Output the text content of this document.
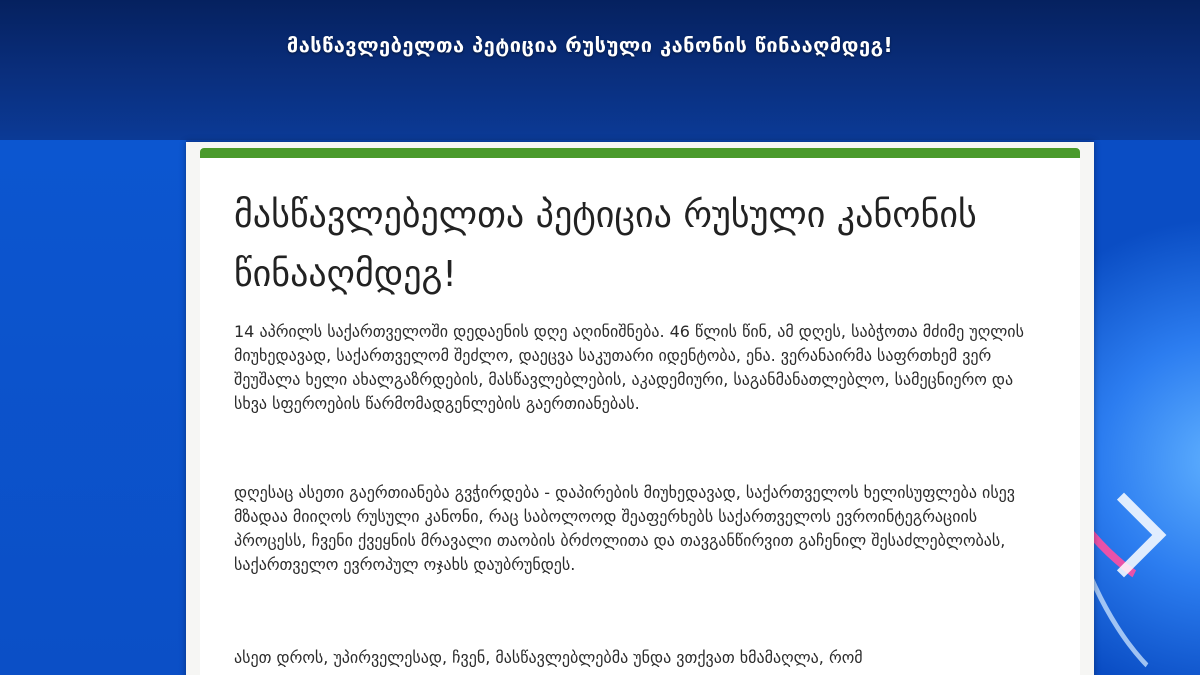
მასწავლებელთა პეტიცია რუსული კანონის წინააღმდეგ!
მასწავლებელთა პეტიცია რუსული კანონის წინააღმდეგ!

14 აპრილს საქართველოში დედაენის დღე აღინიშნება. 46 წლის წინ, ამ დღეს, საბჭოთა მძიმე უღლის მიუხედავად, საქართველომ შეძლო, დაეცვა საკუთარი იდენტობა, ენა. ვერანაირმა საფრთხემ ვერ შეუშალა ხელი ახალგაზრდების, მასწავლებლების, აკადემიური, საგანმანათლებლო, სამეცნიერო და სხვა სფეროების წარმომადგენლების გაერთიანებას.

დღესაც ასეთი გაერთიანება გვჭირდება - დაპირების მიუხედავად, საქართველოს ხელისუფლება ისევ მზადაა მიიღოს რუსული კანონი, რაც საბოლოოდ შეაფერხებს საქართველოს ევროინტეგრაციის პროცესს, ჩვენი ქვეყნის მრავალი თაობის ბრძოლითა და თავგანწირვით გაჩენილ შესაძლებლობას, საქართველო ევროპულ ოჯახს დაუბრუნდეს.

ასეთ დროს, უპირველესად, ჩვენ, მასწავლებლებმა უნდა ვთქვათ ხმამაღლა, რომ
